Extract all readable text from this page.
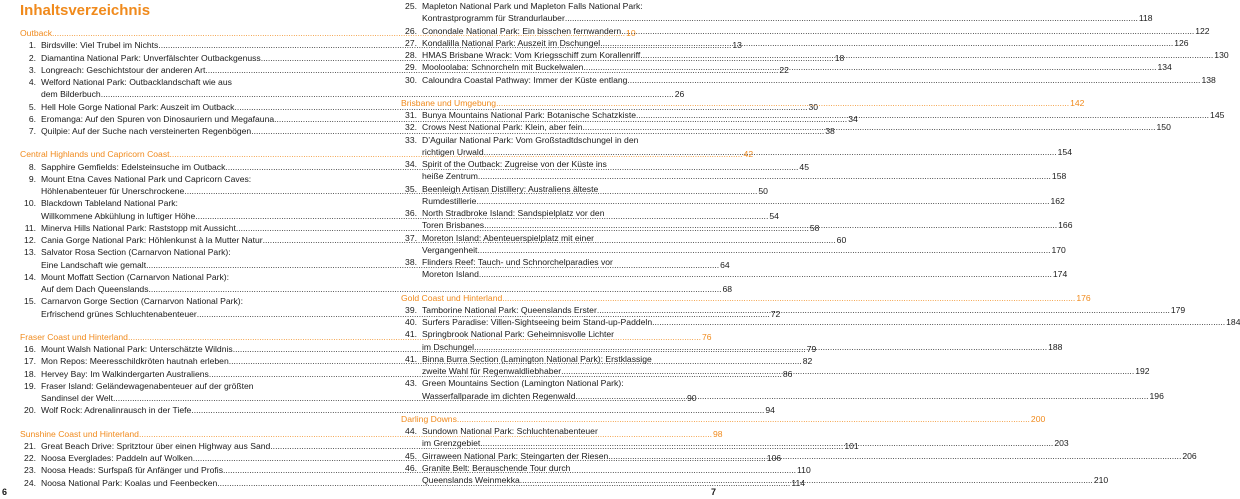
Inhaltsverzeichnis
Outback .....	10
1. Birdsville: Viel Trubel im Nichts .....	13
2. Diamantina National Park: Unverfälschter Outbackgenuss .....	18
3. Longreach: Geschichtstour der anderen Art .....	22
4. Welford National Park: Outbacklandschaft wie aus
dem Bilderbuch .....	26
5. Hell Hole Gorge National Park: Auszeit im Outback .....	30
6. Eromanga: Auf den Spuren von Dinosauriern und Megafauna .....	34
7. Quilpie: Auf der Suche nach versteinerten Regenbögen .....	38
Central Highlands und Capricorn Coast .....	42
8. Sapphire Gemfields: Edelsteinsuche im Outback .....	45
9. Mount Etna Caves National Park und Capricorn Caves:
Höhlenabenteuer für Unerschrockene .....	50
10. Blackdown Tableland National Park:
Willkommene Abkühlung in luftiger Höhe .....	54
11. Minerva Hills National Park: Raststopp mit Aussicht .....	58
12. Cania Gorge National Park: Höhlenkunst à la Mutter Natur .....	60
13. Salvator Rosa Section (Carnarvon National Park):
Eine Landschaft wie gemalt .....	64
14. Mount Moffatt Section (Carnarvon National Park):
Auf dem Dach Queenslands .....	68
15. Carnarvon Gorge Section (Carnarvon National Park):
Erfrischend grünes Schluchtenabenteuer .....	72
Fraser Coast und Hinterland .....	76
16. Mount Walsh National Park: Unterschätzte Wildnis .....	79
17. Mon Repos: Meeresschildkröten hautnah erleben .....	82
18. Hervey Bay: Im Walkindergarten Australiens .....	86
19. Fraser Island: Geländewagenabenteuer auf der größten
Sandinsel der Welt .....	90
20. Wolf Rock: Adrenalinrausch in der Tiefe .....	94
Sunshine Coast und Hinterland .....	98
21. Great Beach Drive: Spritztour über einen Highway aus Sand .....	101
22. Noosa Everglades: Paddeln auf Wolken .....	106
23. Noosa Heads: Surfspaß für Anfänger und Profis .....	110
24. Noosa National Park: Koalas und Feenbecken .....	114
25. Mapleton National Park und Mapleton Falls National Park:
Kontrastprogramm für Strandurlauber .....	118
26. Conondale National Park: Ein bisschen fernwandern .....	122
27. Kondalilla National Park: Auszeit im Dschungel .....	126
28. HMAS Brisbane Wrack: Vom Kriegsschiff zum Korallenriff .....	130
29. Mooloolaba: Schnorcheln mit Buckelwalen .....	134
30. Caloundra Coastal Pathway: Immer der Küste entlang .....	138
Brisbane und Umgebung .....	142
31. Bunya Mountains National Park: Botanische Schatzkiste .....	145
32. Crows Nest National Park: Klein, aber fein .....	150
33. D’Aguilar National Park: Vom Großstadtdschungel in den
richtigen Urwald .....	154
34. Spirit of the Outback: Zugreise von der Küste ins
heiße Zentrum .....	158
35. Beenleigh Artisan Distillery: Australiens älteste
Rumdestillerie .....	162
36. North Stradbroke Island: Sandspielplatz vor den
Toren Brisbanes .....	166
37. Moreton Island: Abenteuerspielplatz mit einer
Vergangenheit .....	170
38. Flinders Reef: Tauch- und Schnorchelparadies vor
Moreton Island .....	174
Gold Coast und Hinterland .....	176
39. Tamborine National Park: Queenslands Erster .....	179
40. Surfers Paradise: Villen-Sightseeing beim Stand-up-Paddeln .....	184
41. Springbrook National Park: Geheimnisvolle Lichter
im Dschungel .....	188
41. Binna Burra Section (Lamington National Park): Erstklassige
zweite Wahl für Regenwaldliebhaber .....	192
43. Green Mountains Section (Lamington National Park):
Wasserfallparade im dichten Regenwald .....	196
Darling Downs .....	200
44. Sundown National Park: Schluchtenabenteuer
im Grenzgebiet .....	203
45. Girraween National Park: Steingarten der Riesen .....	206
46. Granite Belt: Berauschende Tour durch
Queenslands Weinmekka .....	210
6	7
